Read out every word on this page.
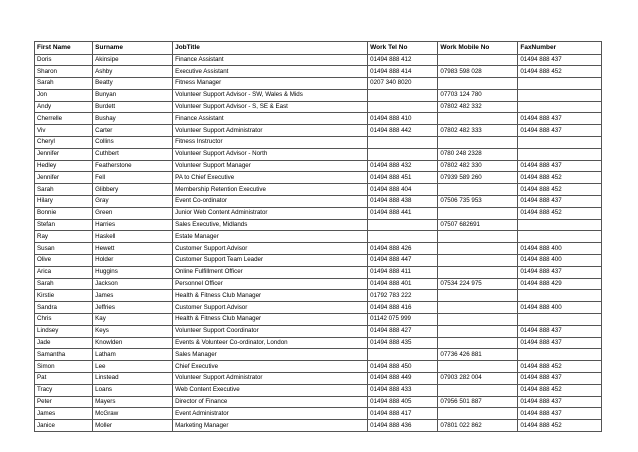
First Name	Surname	JobTitle	Work Tel No	Work Mobile No	FaxNumber
Doris	Akinsipe	Finance Assistant	01494 888 412		01494 888 437
Sharon	Ashby	Executive Assistant	01494 888 414	07983 598 028	01494 888 452
Sarah	Beatty	Fitness Manager	0207 340 8020		
Jon	Bunyan	Volunteer Support Advisor - SW, Wales & Mids		07703 124 780	
Andy	Burdett	Volunteer Support Advisor - S, SE & East		07802 482 332	
Cherrelle	Bushay	Finance Assistant	01494 888 410		01494 888 437
Viv	Carter	Volunteer Support Administrator	01494 888 442	07802 482 333	01494 888 437
Cheryl	Collins	Fitness Instructor			
Jennifer	Cuthbert	Volunteer Support Advisor - North		0780 248 2328	
Hedley	Featherstone	Volunteer Support Manager	01494 888 432	07802 482 330	01494 888 437
Jennifer	Fell	PA to Chief Executive	01494 888 451	07939 589 260	01494 888 452
Sarah	Glibbery	Membership Retention Executive	01494 888 404		01494 888 452
Hilary	Gray	Event Co-ordinator	01494 888 438	07506 735 953	01494 888 437
Bonnie	Green	Junior Web Content Administrator	01494 888 441		01494 888 452
Stefan	Harries	Sales Executive, Midlands		07507 682691	
Ray	Haskell	Estate Manager			
Susan	Hewett	Customer Support Advisor	01494 888 426		01494 888 400
Olive	Holder	Customer Support Team Leader	01494 888 447		01494 888 400
Arica	Huggins	Online Fulfillment Officer	01494 888 411		01494 888 437
Sarah	Jackson	Personnel Officer	01494 888 401	07534 224 975	01494 888 429
Kirstie	James	Health & Fitness Club Manager	01792 783 222		
Sandra	Jeffries	Customer Support Advisor	01494 888 416		01494 888 400
Chris	Kay	Health & Fitness Club Manager	01142 075 999		
Lindsey	Keys	Volunteer Support Coordinator	01494 888 427		01494 888 437
Jade	Knowlden	Events & Volunteer Co-ordinator, London	01494 888 435		01494 888 437
Samantha	Latham	Sales Manager		07736 426 881	
Simon	Lee	Chief Executive	01494 888 450		01494 888 452
Pat	Linstead	Volunteer Support Administrator	01494 888 449	07903 282 004	01494 888 437
Tracy	Loans	Web Content Executive	01494 888 433		01494 888 452
Peter	Mayers	Director of Finance	01494 888 405	07956 501 887	01494 888 437
James	McGraw	Event Administrator	01494 888 417		01494 888 437
Janice	Moller	Marketing Manager	01494 888 436	07801 022 862	01494 888 452
